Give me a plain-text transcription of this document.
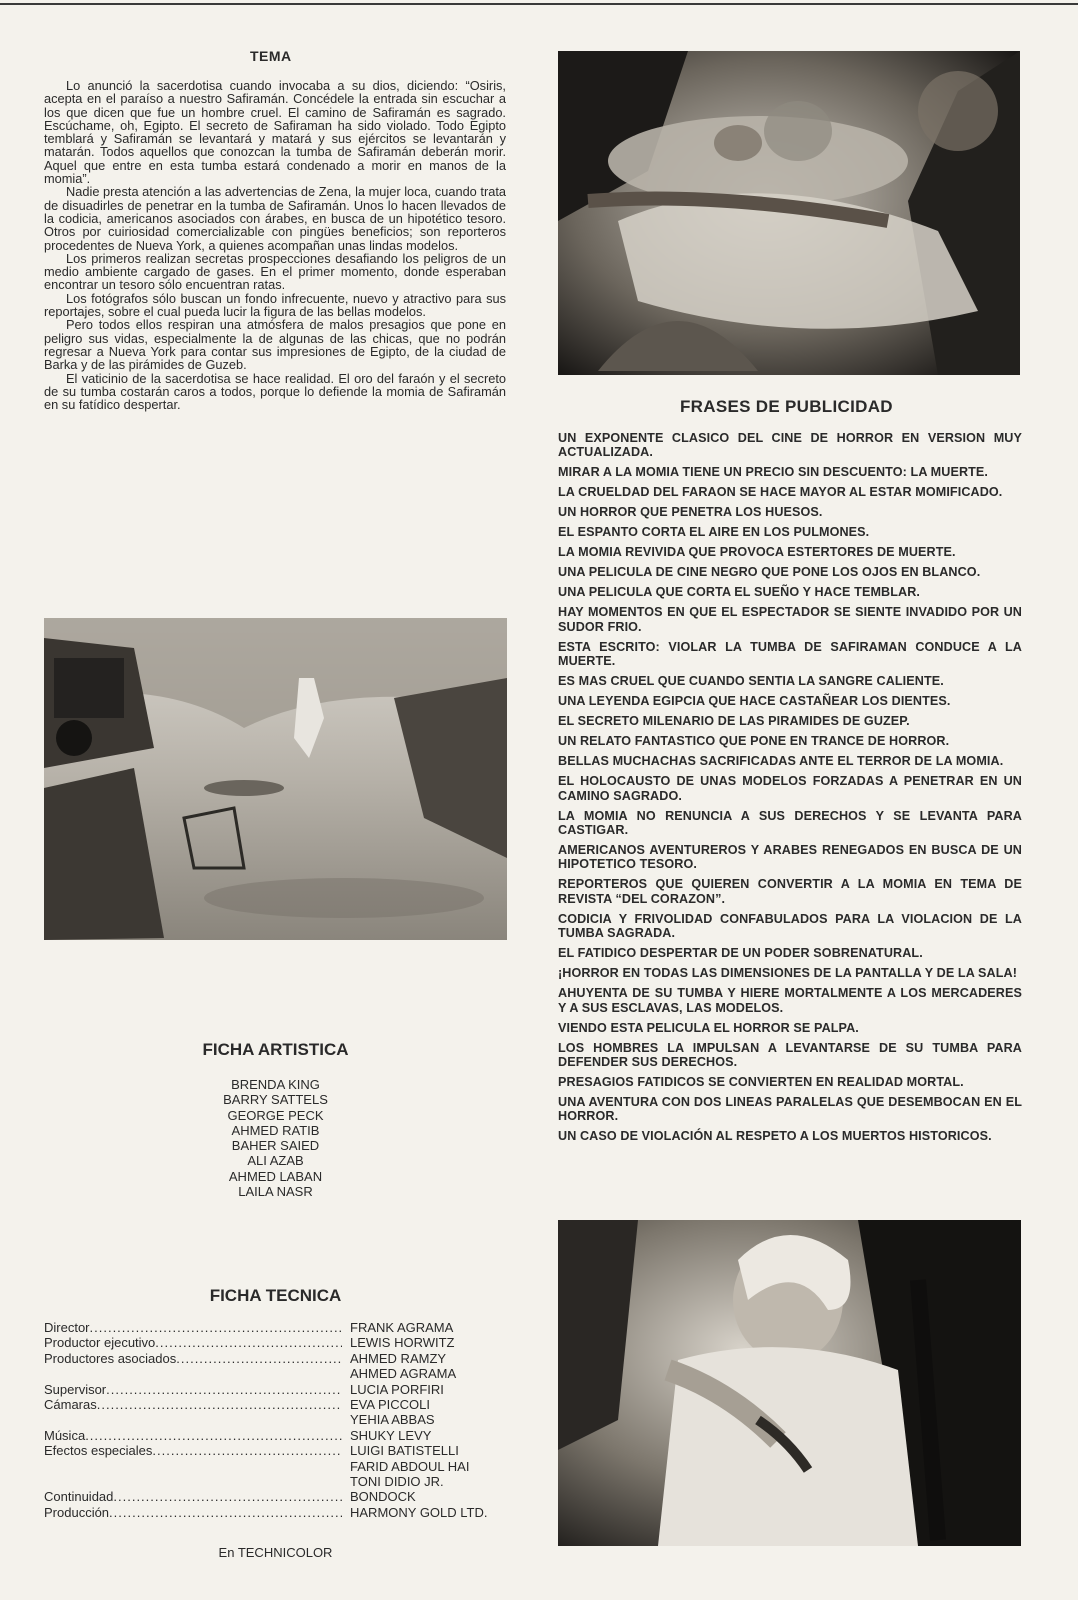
TEMA

Lo anunció la sacerdotisa cuando invocaba a su dios, diciendo: “Osiris, acepta en el paraíso a nuestro Safiramán. Concédele la entrada sin escuchar a los que dicen que fue un hombre cruel. El camino de Safiramán es sagrado. Escúchame, oh, Egipto. El secreto de Safiraman ha sido violado. Todo Egipto temblará y Safiramán se levantará y matará y sus ejércitos se levantarán y matarán. Todos aquellos que conozcan la tumba de Safiramán deberán morir. Aquel que entre en esta tumba estará condenado a morir en manos de la momia”.

Nadie presta atención a las advertencias de Zena, la mujer loca, cuando trata de disuadirles de penetrar en la tumba de Safiramán. Unos lo hacen llevados de la codicia, americanos asociados con árabes, en busca de un hipotético tesoro. Otros por cuiriosidad comercializable con pingües beneficios; son reporteros procedentes de Nueva York, a quienes acompañan unas lindas modelos.

Los primeros realizan secretas prospecciones desafiando los peligros de un medio ambiente cargado de gases. En el primer momento, donde esperaban encontrar un tesoro sólo encuentran ratas.

Los fotógrafos sólo buscan un fondo infrecuente, nuevo y atractivo para sus reportajes, sobre el cual pueda lucir la figura de las bellas modelos.

Pero todos ellos respiran una atmósfera de malos presagios que pone en peligro sus vidas, especialmente la de algunas de las chicas, que no podrán regresar a Nueva York para contar sus impresiones de Egipto, de la ciudad de Barka y de las pirámides de Guzeb.

El vaticinio de la sacerdotisa se hace realidad. El oro del faraón y el secreto de su tumba costarán caros a todos, porque lo defiende la momia de Safiramán en su fatídico despertar.	FRASES DE PUBLICIDAD
UN EXPONENTE CLASICO DEL CINE DE HORROR EN VERSION MUY ACTUALIZADA.
MIRAR A LA MOMIA TIENE UN PRECIO SIN DESCUENTO: LA MUERTE.
LA CRUELDAD DEL FARAON SE HACE MAYOR AL ESTAR MOMIFICADO.
UN HORROR QUE PENETRA LOS HUESOS.
EL ESPANTO CORTA EL AIRE EN LOS PULMONES.
LA MOMIA REVIVIDA QUE PROVOCA ESTERTORES DE MUERTE.
UNA PELICULA DE CINE NEGRO QUE PONE LOS OJOS EN BLANCO.
UNA PELICULA QUE CORTA EL SUEÑO Y HACE TEMBLAR.
HAY MOMENTOS EN QUE EL ESPECTADOR SE SIENTE INVADIDO POR UN SUDOR FRIO.
ESTA ESCRITO: VIOLAR LA TUMBA DE SAFIRAMAN CONDUCE A LA MUERTE.
ES MAS CRUEL QUE CUANDO SENTIA LA SANGRE CALIENTE.
UNA LEYENDA EGIPCIA QUE HACE CASTAÑEAR LOS DIENTES.
EL SECRETO MILENARIO DE LAS PIRAMIDES DE GUZEP.
UN RELATO FANTASTICO QUE PONE EN TRANCE DE HORROR.
BELLAS MUCHACHAS SACRIFICADAS ANTE EL TERROR DE LA MOMIA.
EL HOLOCAUSTO DE UNAS MODELOS FORZADAS A PENETRAR EN UN CAMINO SAGRADO.
LA MOMIA NO RENUNCIA A SUS DERECHOS Y SE LEVANTA PARA CASTIGAR.
AMERICANOS AVENTUREROS Y ARABES RENEGADOS EN BUSCA DE UN HIPOTETICO TESORO.
REPORTEROS QUE QUIEREN CONVERTIR A LA MOMIA EN TEMA DE REVISTA “DEL CORAZON”.
CODICIA Y FRIVOLIDAD CONFABULADOS PARA LA VIOLACION DE LA TUMBA SAGRADA.
EL FATIDICO DESPERTAR DE UN PODER SOBRENATURAL.
¡HORROR EN TODAS LAS DIMENSIONES DE LA PANTALLA Y DE LA SALA!
AHUYENTA DE SU TUMBA Y HIERE MORTALMENTE A LOS MERCADERES Y A SUS ESCLAVAS, LAS MODELOS.
VIENDO ESTA PELICULA EL HORROR SE PALPA.
LOS HOMBRES LA IMPULSAN A LEVANTARSE DE SU TUMBA PARA DEFENDER SUS DERECHOS.
PRESAGIOS FATIDICOS SE CONVIERTEN EN REALIDAD MORTAL.
UNA AVENTURA CON DOS LINEAS PARALELAS QUE DESEMBOCAN EN EL HORROR.
UN CASO DE VIOLACIÓN AL RESPETO A LOS MUERTOS HISTORICOS.
FICHA ARTISTICA
BRENDA KING
BARRY SATTELS
GEORGE PECK
AHMED RATIB
BAHER SAIED
ALI AZAB
AHMED LABAN
LAILA NASR
FICHA TECNICA
Director .....	FRANK AGRAMA
Productor ejecutivo .....	LEWIS HORWITZ
Productores asociados .....	AHMED RAMZY
AHMED AGRAMA
Supervisor .....	LUCIA PORFIRI
Cámaras .....	EVA PICCOLI
YEHIA ABBAS
Música .....	SHUKY LEVY
Efectos especiales .....	LUIGI BATISTELLI
FARID ABDOUL HAI
TONI DIDIO JR.
Continuidad .....	BONDOCK
Producción .....	HARMONY GOLD LTD.
En TECHNICOLOR
